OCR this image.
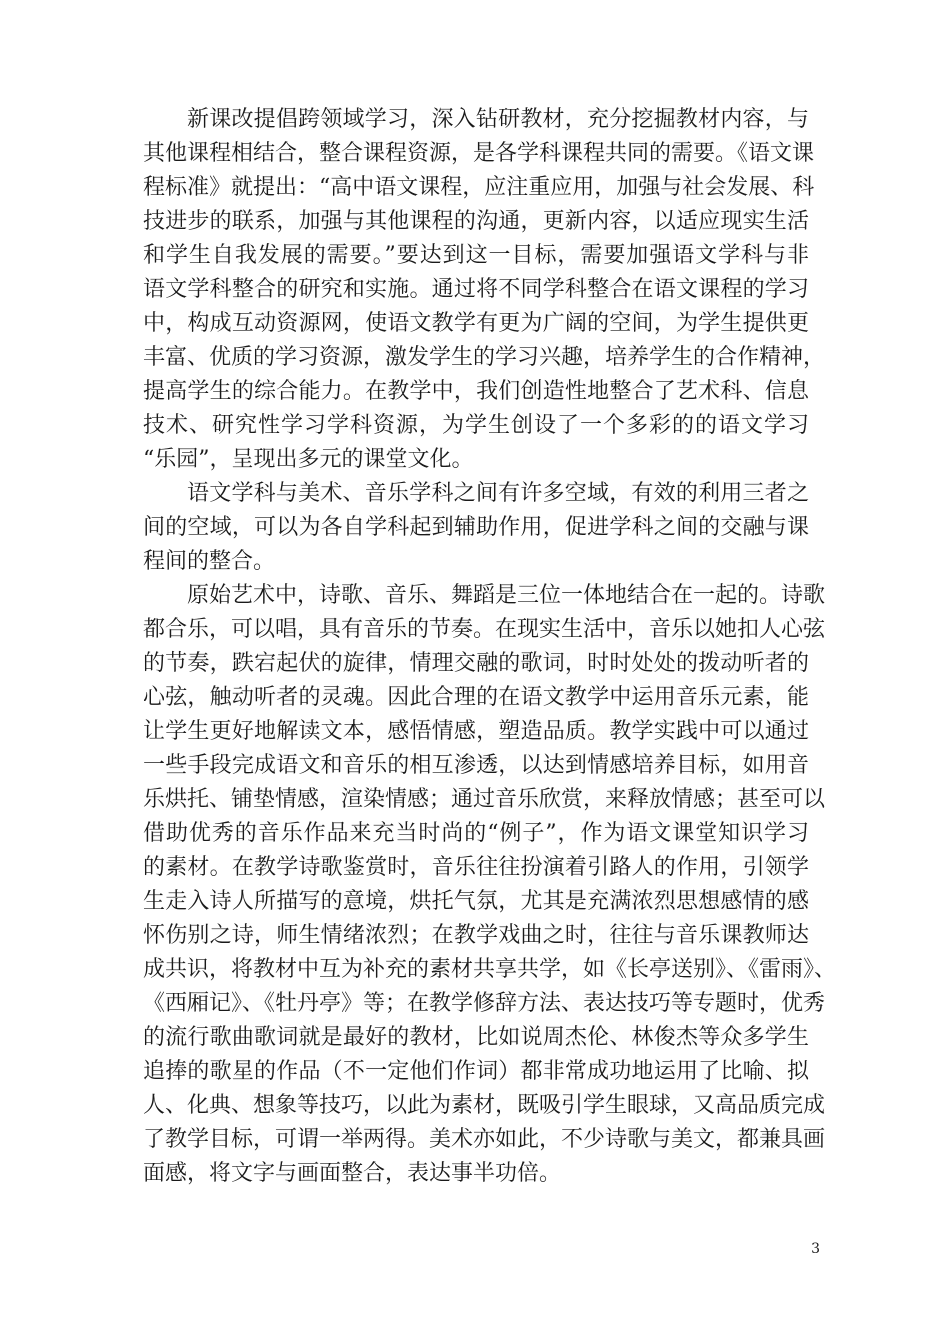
新课改提倡跨领域学习，深入钻研教材，充分挖掘教材内容，与
其他课程相结合，整合课程资源，是各学科课程共同的需要。《语文课
程标准》就提出：“高中语文课程，应注重应用，加强与社会发展、科
技进步的联系，加强与其他课程的沟通，更新内容，以适应现实生活
和学生自我发展的需要。”要达到这一目标，需要加强语文学科与非
语文学科整合的研究和实施。通过将不同学科整合在语文课程的学习
中，构成互动资源网，使语文教学有更为广阔的空间，为学生提供更
丰富、优质的学习资源，激发学生的学习兴趣，培养学生的合作精神，
提高学生的综合能力。在教学中，我们创造性地整合了艺术科、信息
技术、研究性学习学科资源，为学生创设了一个多彩的的语文学习
“乐园”，呈现出多元的课堂文化。
语文学科与美术、音乐学科之间有许多空域，有效的利用三者之
间的空域，可以为各自学科起到辅助作用，促进学科之间的交融与课
程间的整合。
原始艺术中，诗歌、音乐、舞蹈是三位一体地结合在一起的。诗歌
都合乐，可以唱，具有音乐的节奏。在现实生活中，音乐以她扣人心弦
的节奏，跌宕起伏的旋律，情理交融的歌词，时时处处的拨动听者的
心弦，触动听者的灵魂。因此合理的在语文教学中运用音乐元素，能
让学生更好地解读文本，感悟情感，塑造品质。教学实践中可以通过
一些手段完成语文和音乐的相互渗透，以达到情感培养目标，如用音
乐烘托、铺垫情感，渲染情感；通过音乐欣赏，来释放情感；甚至可以
借助优秀的音乐作品来充当时尚的“例子”，作为语文课堂知识学习
的素材。在教学诗歌鉴赏时，音乐往往扮演着引路人的作用，引领学
生走入诗人所描写的意境，烘托气氛，尤其是充满浓烈思想感情的感
怀伤别之诗，师生情绪浓烈；在教学戏曲之时，往往与音乐课教师达
成共识，将教材中互为补充的素材共享共学，如《长亭送别》、《雷雨》、
《西厢记》、《牡丹亭》等；在教学修辞方法、表达技巧等专题时，优秀
的流行歌曲歌词就是最好的教材，比如说周杰伦、林俊杰等众多学生
追捧的歌星的作品（不一定他们作词）都非常成功地运用了比喻、拟
人、化典、想象等技巧，以此为素材，既吸引学生眼球，又高品质完成
了教学目标，可谓一举两得。美术亦如此，不少诗歌与美文，都兼具画
面感，将文字与画面整合，表达事半功倍。
3
